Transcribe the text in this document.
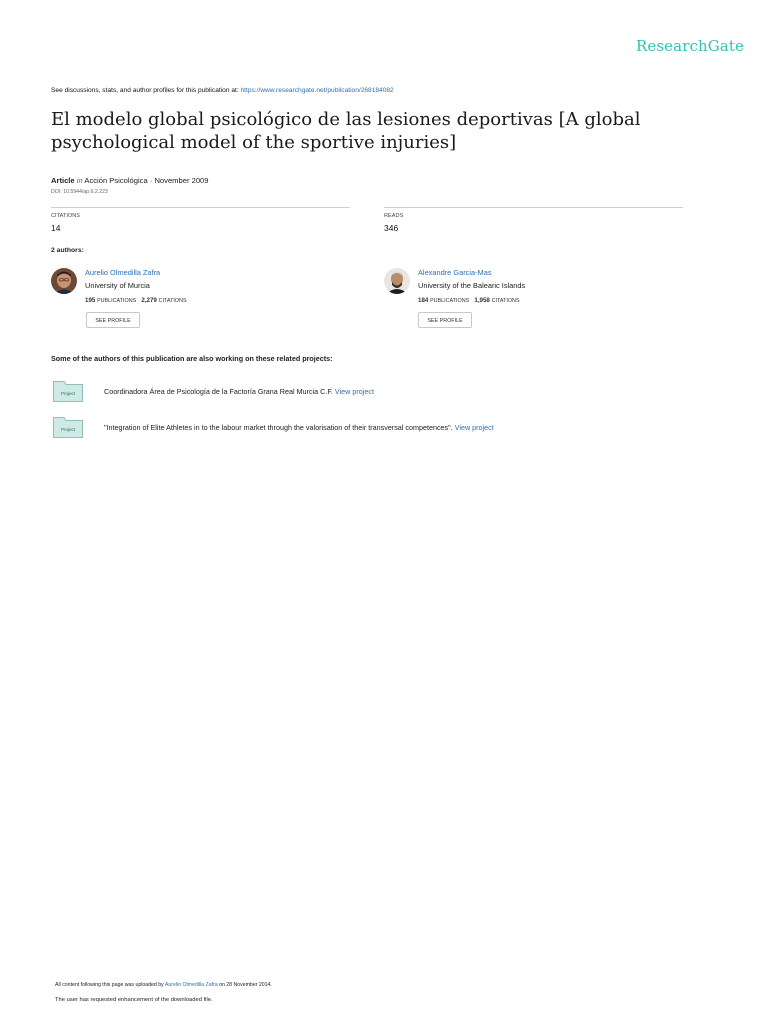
ResearchGate
See discussions, stats, and author profiles for this publication at: https://www.researchgate.net/publication/268184082
El modelo global psicológico de las lesiones deportivas [A global psychological model of the sportive injuries]
Article in Acción Psicológica · November 2009
DOI: 10.5944/ap.6.2.223
CITATIONS
14
READS
346
2 authors:
Aurelio Olmedilla Zafra
University of Murcia
195 PUBLICATIONS 2,279 CITATIONS
SEE PROFILE
Alexandre Garcia-Mas
University of the Balearic Islands
184 PUBLICATIONS 1,958 CITATIONS
SEE PROFILE
Some of the authors of this publication are also working on these related projects:
Project	Coordinadora Área de Psicología de la Factoría Grana Real Murcia C.F. View project
Project	"Integration of Elite Athletes in to the labour market through the valorisation of their transversal competences". View project
All content following this page was uploaded by Aurelio Olmedilla Zafra on 28 November 2014.
The user has requested enhancement of the downloaded file.
